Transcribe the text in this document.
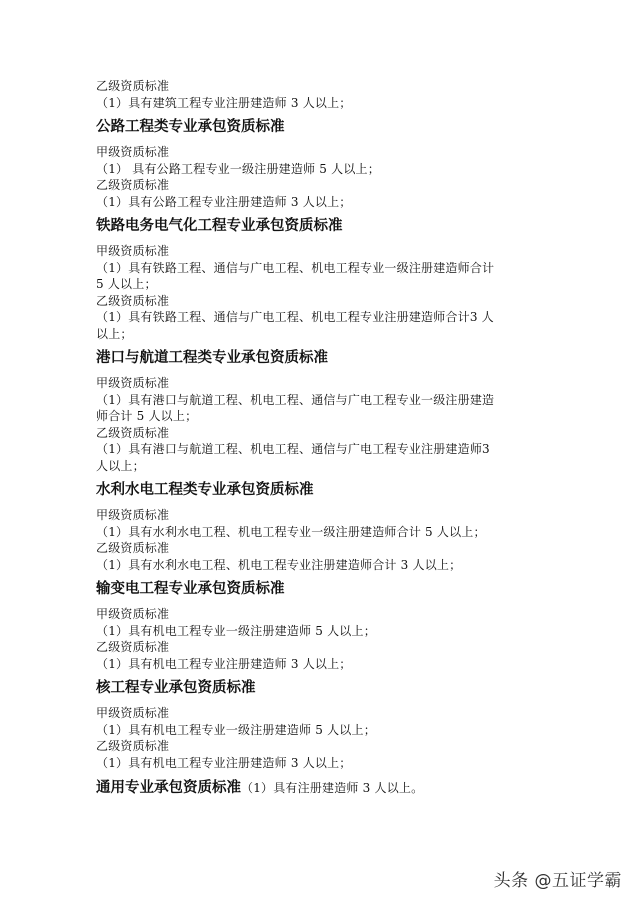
乙级资质标准
（1）具有建筑工程专业注册建造师 3 人以上；
公路工程类专业承包资质标准
甲级资质标准
（1） 具有公路工程专业一级注册建造师 5 人以上；
乙级资质标准
（1）具有公路工程专业注册建造师 3 人以上；
铁路电务电气化工程专业承包资质标准
甲级资质标准
（1）具有铁路工程、通信与广电工程、机电工程专业一级注册建造师合计
5 人以上；
乙级资质标准
（1）具有铁路工程、通信与广电工程、机电工程专业注册建造师合计3 人
以上；
港口与航道工程类专业承包资质标准
甲级资质标准
（1）具有港口与航道工程、机电工程、通信与广电工程专业一级注册建造
师合计 5 人以上；
乙级资质标准
（1）具有港口与航道工程、机电工程、通信与广电工程专业注册建造师3
人以上；
水利水电工程类专业承包资质标准
甲级资质标准
（1）具有水利水电工程、机电工程专业一级注册建造师合计 5 人以上；
乙级资质标准
（1）具有水利水电工程、机电工程专业注册建造师合计 3 人以上；
输变电工程专业承包资质标准
甲级资质标准
（1）具有机电工程专业一级注册建造师 5 人以上；
乙级资质标准
（1）具有机电工程专业注册建造师 3 人以上；
核工程专业承包资质标准
甲级资质标准
（1）具有机电工程专业一级注册建造师 5 人以上；
乙级资质标准
（1）具有机电工程专业注册建造师 3 人以上；
通用专业承包资质标准（1）具有注册建造师 3 人以上。
头条 @五证学霸
